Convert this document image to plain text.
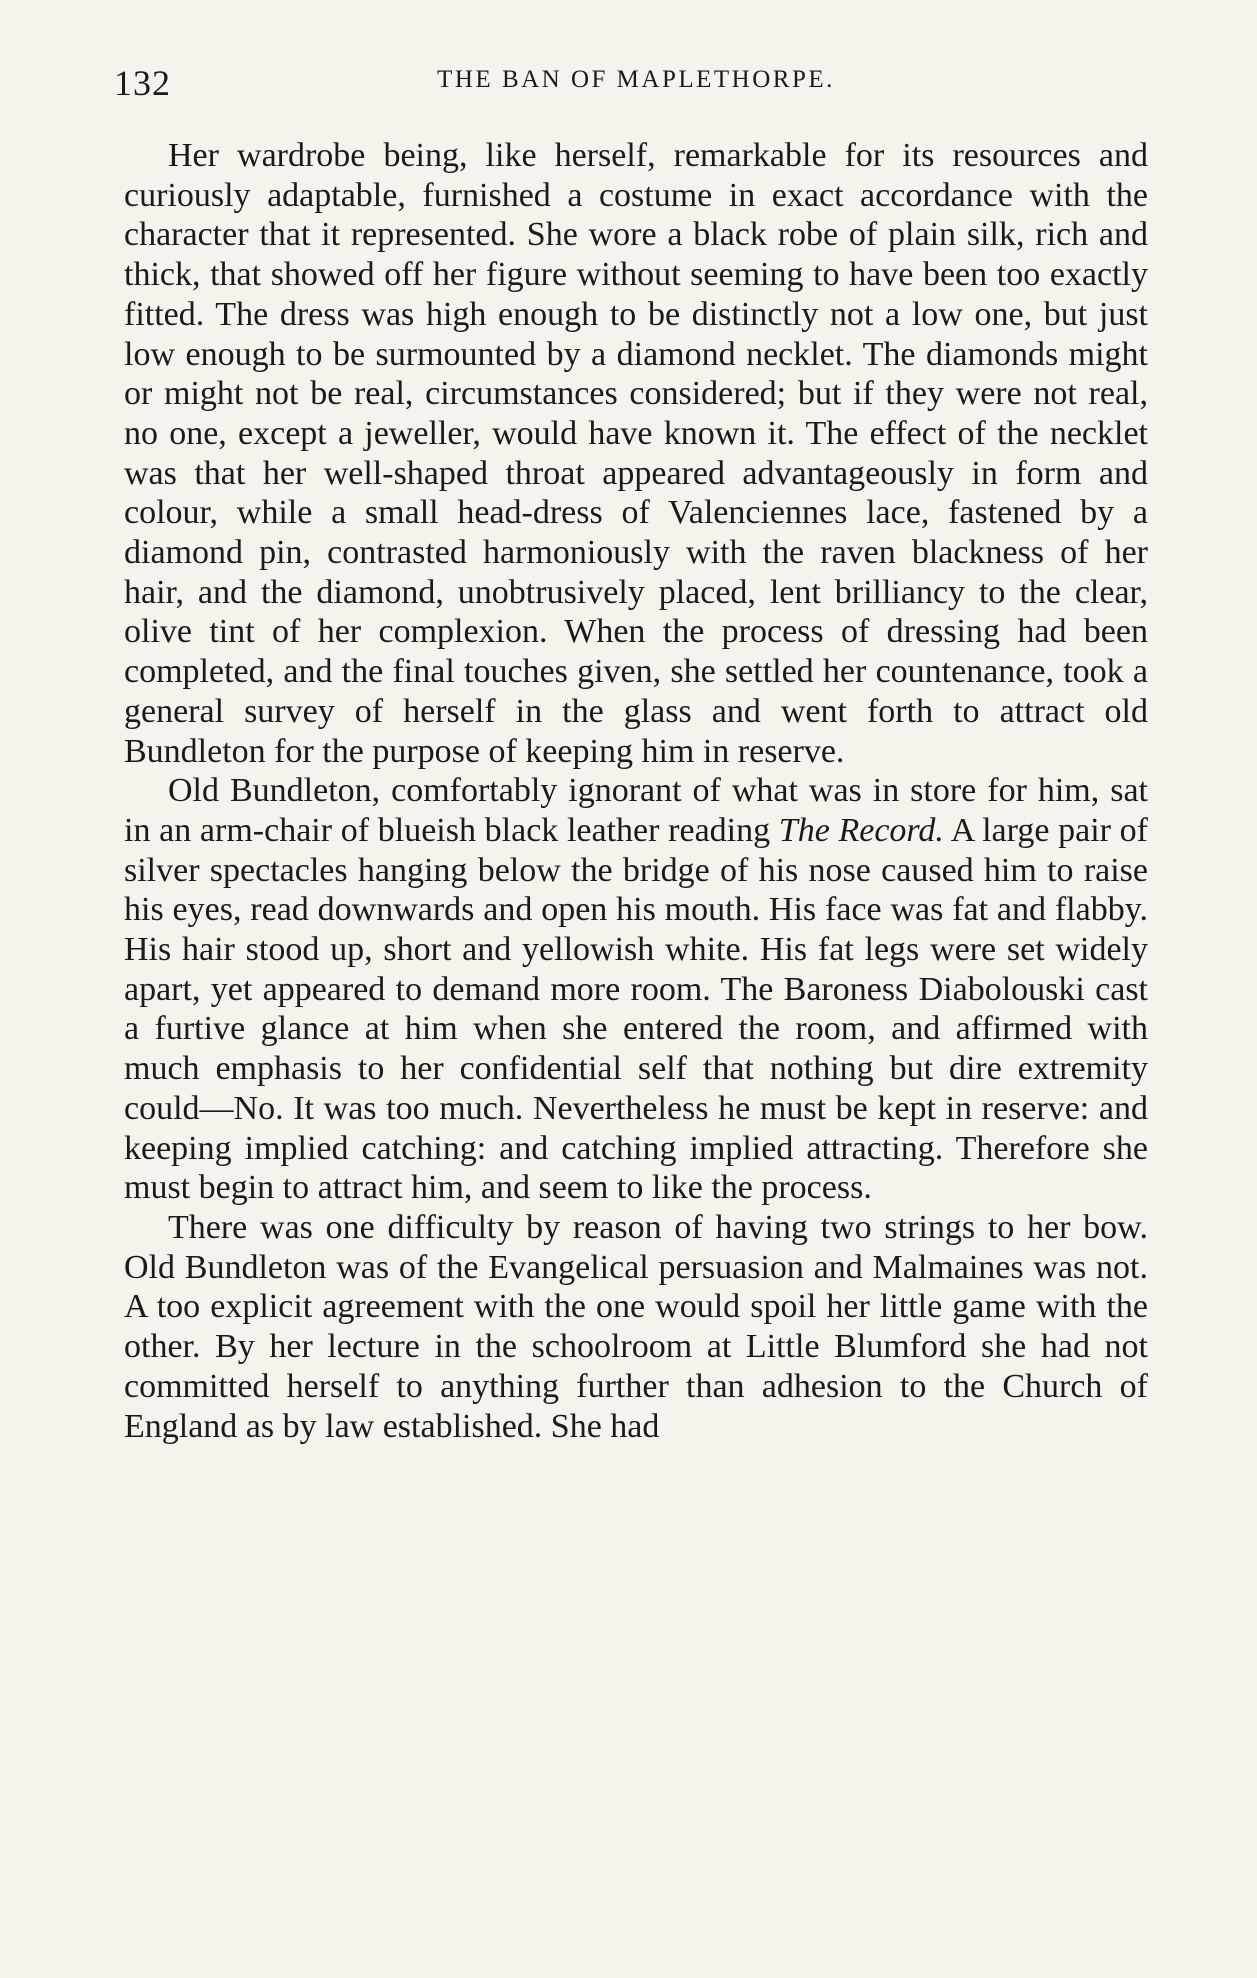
132	THE BAN OF MAPLETHORPE.

Her wardrobe being, like herself, remarkable for its resources and curiously adaptable, furnished a costume in exact accordance with the character that it represented. She wore a black robe of plain silk, rich and thick, that showed off her figure without seeming to have been too exactly fitted. The dress was high enough to be distinctly not a low one, but just low enough to be surmounted by a diamond necklet. The diamonds might or might not be real, circumstances considered; but if they were not real, no one, except a jeweller, would have known it. The effect of the necklet was that her well-shaped throat appeared advantageously in form and colour, while a small head-dress of Valenciennes lace, fastened by a diamond pin, contrasted harmoniously with the raven blackness of her hair, and the diamond, unobtrusively placed, lent brilliancy to the clear, olive tint of her complexion. When the process of dressing had been completed, and the final touches given, she settled her countenance, took a general survey of herself in the glass and went forth to attract old Bundleton for the purpose of keeping him in reserve.

Old Bundleton, comfortably ignorant of what was in store for him, sat in an arm-chair of blueish black leather reading The Record. A large pair of silver spectacles hanging below the bridge of his nose caused him to raise his eyes, read downwards and open his mouth. His face was fat and flabby. His hair stood up, short and yellowish white. His fat legs were set widely apart, yet appeared to demand more room. The Baroness Diabolouski cast a furtive glance at him when she entered the room, and affirmed with much emphasis to her confidential self that nothing but dire extremity could—No. It was too much. Nevertheless he must be kept in reserve: and keeping implied catching: and catching implied attracting. Therefore she must begin to attract him, and seem to like the process.

There was one difficulty by reason of having two strings to her bow. Old Bundleton was of the Evangelical persuasion and Malmaines was not. A too explicit agreement with the one would spoil her little game with the other. By her lecture in the schoolroom at Little Blumford she had not committed herself to anything further than adhesion to the Church of England as by law established. She had
